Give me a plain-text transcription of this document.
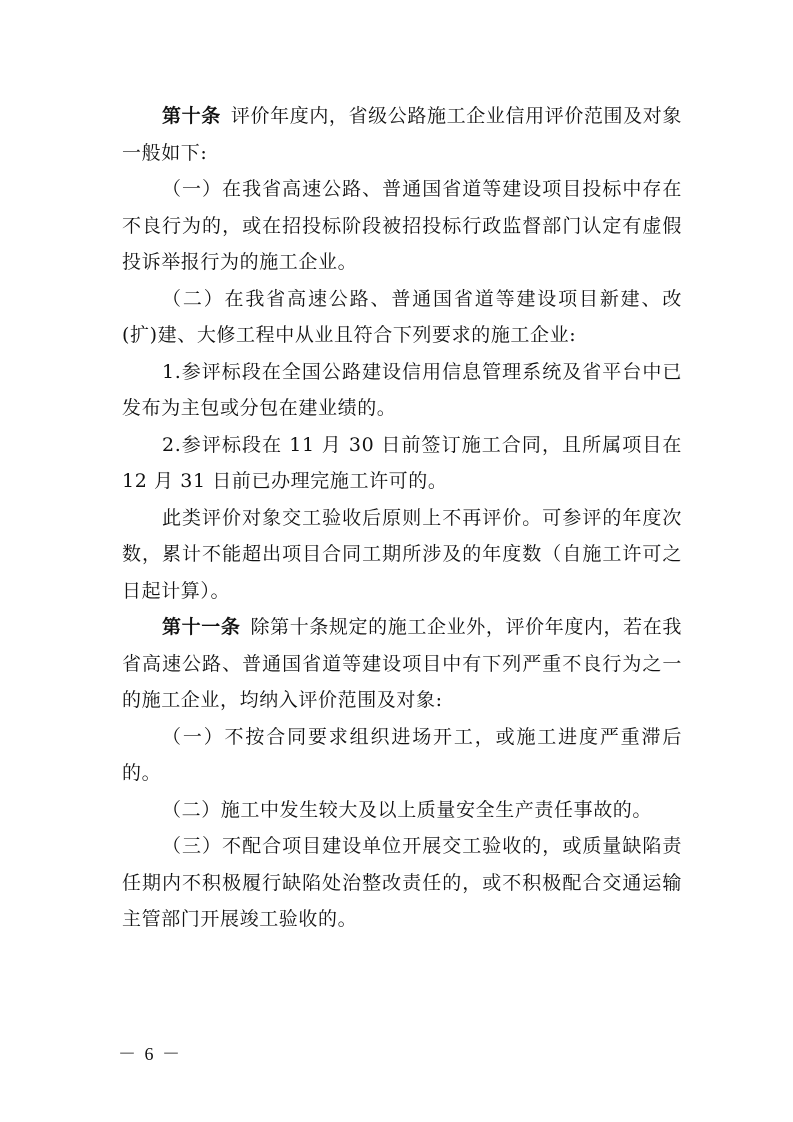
第十条 评价年度内，省级公路施工企业信用评价范围及对象一般如下:

（一）在我省高速公路、普通国省道等建设项目投标中存在不良行为的，或在招投标阶段被招投标行政监督部门认定有虚假投诉举报行为的施工企业。

（二）在我省高速公路、普通国省道等建设项目新建、改(扩)建、大修工程中从业且符合下列要求的施工企业:

1.参评标段在全国公路建设信用信息管理系统及省平台中已发布为主包或分包在建业绩的。

2.参评标段在 11 月 30 日前签订施工合同，且所属项目在 12 月 31 日前已办理完施工许可的。

此类评价对象交工验收后原则上不再评价。可参评的年度次数，累计不能超出项目合同工期所涉及的年度数（自施工许可之日起计算）。

第十一条 除第十条规定的施工企业外，评价年度内，若在我省高速公路、普通国省道等建设项目中有下列严重不良行为之一的施工企业，均纳入评价范围及对象:

（一）不按合同要求组织进场开工，或施工进度严重滞后的。

（二）施工中发生较大及以上质量安全生产责任事故的。

（三）不配合项目建设单位开展交工验收的，或质量缺陷责任期内不积极履行缺陷处治整改责任的，或不积极配合交通运输主管部门开展竣工验收的。

－ 6 －
